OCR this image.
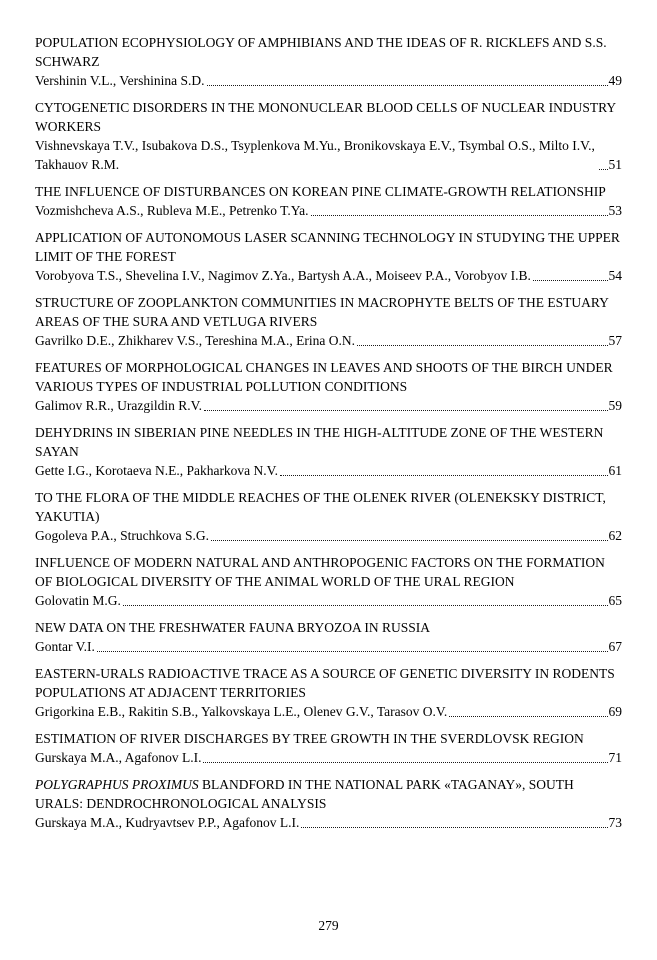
POPULATION ECOPHYSIOLOGY OF AMPHIBIANS AND THE IDEAS OF R. RICKLEFS AND S.S. SCHWARZ
Vershinin V.L., Vershinina S.D.	49
CYTOGENETIC DISORDERS IN THE MONONUCLEAR BLOOD CELLS OF NUCLEAR INDUSTRY WORKERS
Vishnevskaya T.V., Isubakova D.S., Tsyplenkova M.Yu., Bronikovskaya E.V., Tsymbal O.S., Milto I.V., Takhauov R.M.	51
THE INFLUENCE OF DISTURBANCES ON KOREAN PINE CLIMATE-GROWTH RELATIONSHIP
Vozmishcheva A.S., Rubleva M.E., Petrenko T.Ya.	53
APPLICATION OF AUTONOMOUS LASER SCANNING TECHNOLOGY IN STUDYING THE UPPER LIMIT OF THE FOREST
Vorobyova T.S., Shevelina I.V., Nagimov Z.Ya., Bartysh A.A., Moiseev P.A., Vorobyov I.B.	54
STRUCTURE OF ZOOPLANKTON COMMUNITIES IN MACROPHYTE BELTS OF THE ESTUARY AREAS OF THE SURA AND VETLUGA RIVERS
Gavrilko D.E., Zhikharev V.S., Tereshina M.A., Erina O.N.	57
FEATURES OF MORPHOLOGICAL CHANGES IN LEAVES AND SHOOTS OF THE BIRCH UNDER VARIOUS TYPES OF INDUSTRIAL POLLUTION CONDITIONS
Galimov R.R., Urazgildin R.V.	59
DEHYDRINS IN SIBERIAN PINE NEEDLES IN THE HIGH-ALTITUDE ZONE OF THE WESTERN SAYAN
Gette I.G., Korotaeva N.E., Pakharkova N.V.	61
TO THE FLORA OF THE MIDDLE REACHES OF THE OLENEK RIVER (OLENEKSKY DISTRICT, YAKUTIA)
Gogoleva P.A., Struchkova S.G.	62
INFLUENCE OF MODERN NATURAL AND ANTHROPOGENIC FACTORS ON THE FORMATION OF BIOLOGICAL DIVERSITY OF THE ANIMAL WORLD OF THE URAL REGION
Golovatin M.G.	65
NEW DATA ON THE FRESHWATER FAUNA BRYOZOA IN RUSSIA
Gontar V.I.	67
EASTERN-URALS RADIOACTIVE TRACE AS A SOURCE OF GENETIC DIVERSITY IN RODENTS POPULATIONS AT ADJACENT TERRITORIES
Grigorkina E.B., Rakitin S.B., Yalkovskaya L.E., Olenev G.V., Tarasov O.V.	69
ESTIMATION OF RIVER DISCHARGES BY TREE GROWTH IN THE SVERDLOVSK REGION
Gurskaya M.A., Agafonov L.I.	71
POLYGRAPHUS PROXIMUS BLANDFORD IN THE NATIONAL PARK «TAGANAY», SOUTH URALS: DENDROCHRONOLOGICAL ANALYSIS
Gurskaya M.A., Kudryavtsev P.P., Agafonov L.I.	73
279
